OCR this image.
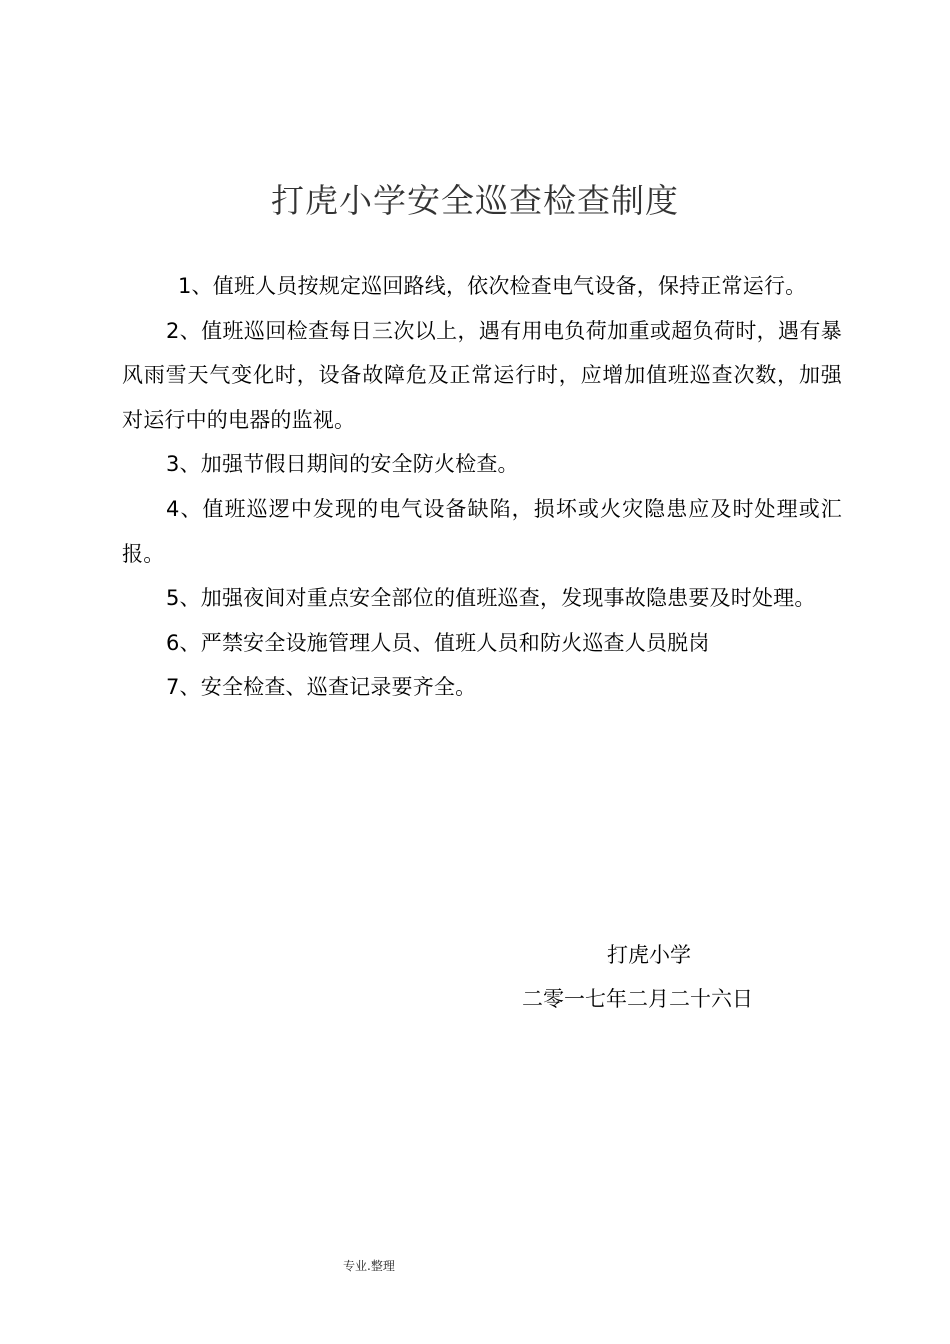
打虎小学安全巡查检查制度

1、值班人员按规定巡回路线，依次检查电气设备，保持正常运行。

2、值班巡回检查每日三次以上，遇有用电负荷加重或超负荷时，遇有暴风雨雪天气变化时，设备故障危及正常运行时，应增加值班巡查次数，加强对运行中的电器的监视。

3、加强节假日期间的安全防火检查。

4、值班巡逻中发现的电气设备缺陷，损坏或火灾隐患应及时处理或汇报。

5、加强夜间对重点安全部位的值班巡查，发现事故隐患要及时处理。

6、严禁安全设施管理人员、值班人员和防火巡查人员脱岗

7、安全检查、巡查记录要齐全。

打虎小学
二零一七年二月二十六日
专业.整理
